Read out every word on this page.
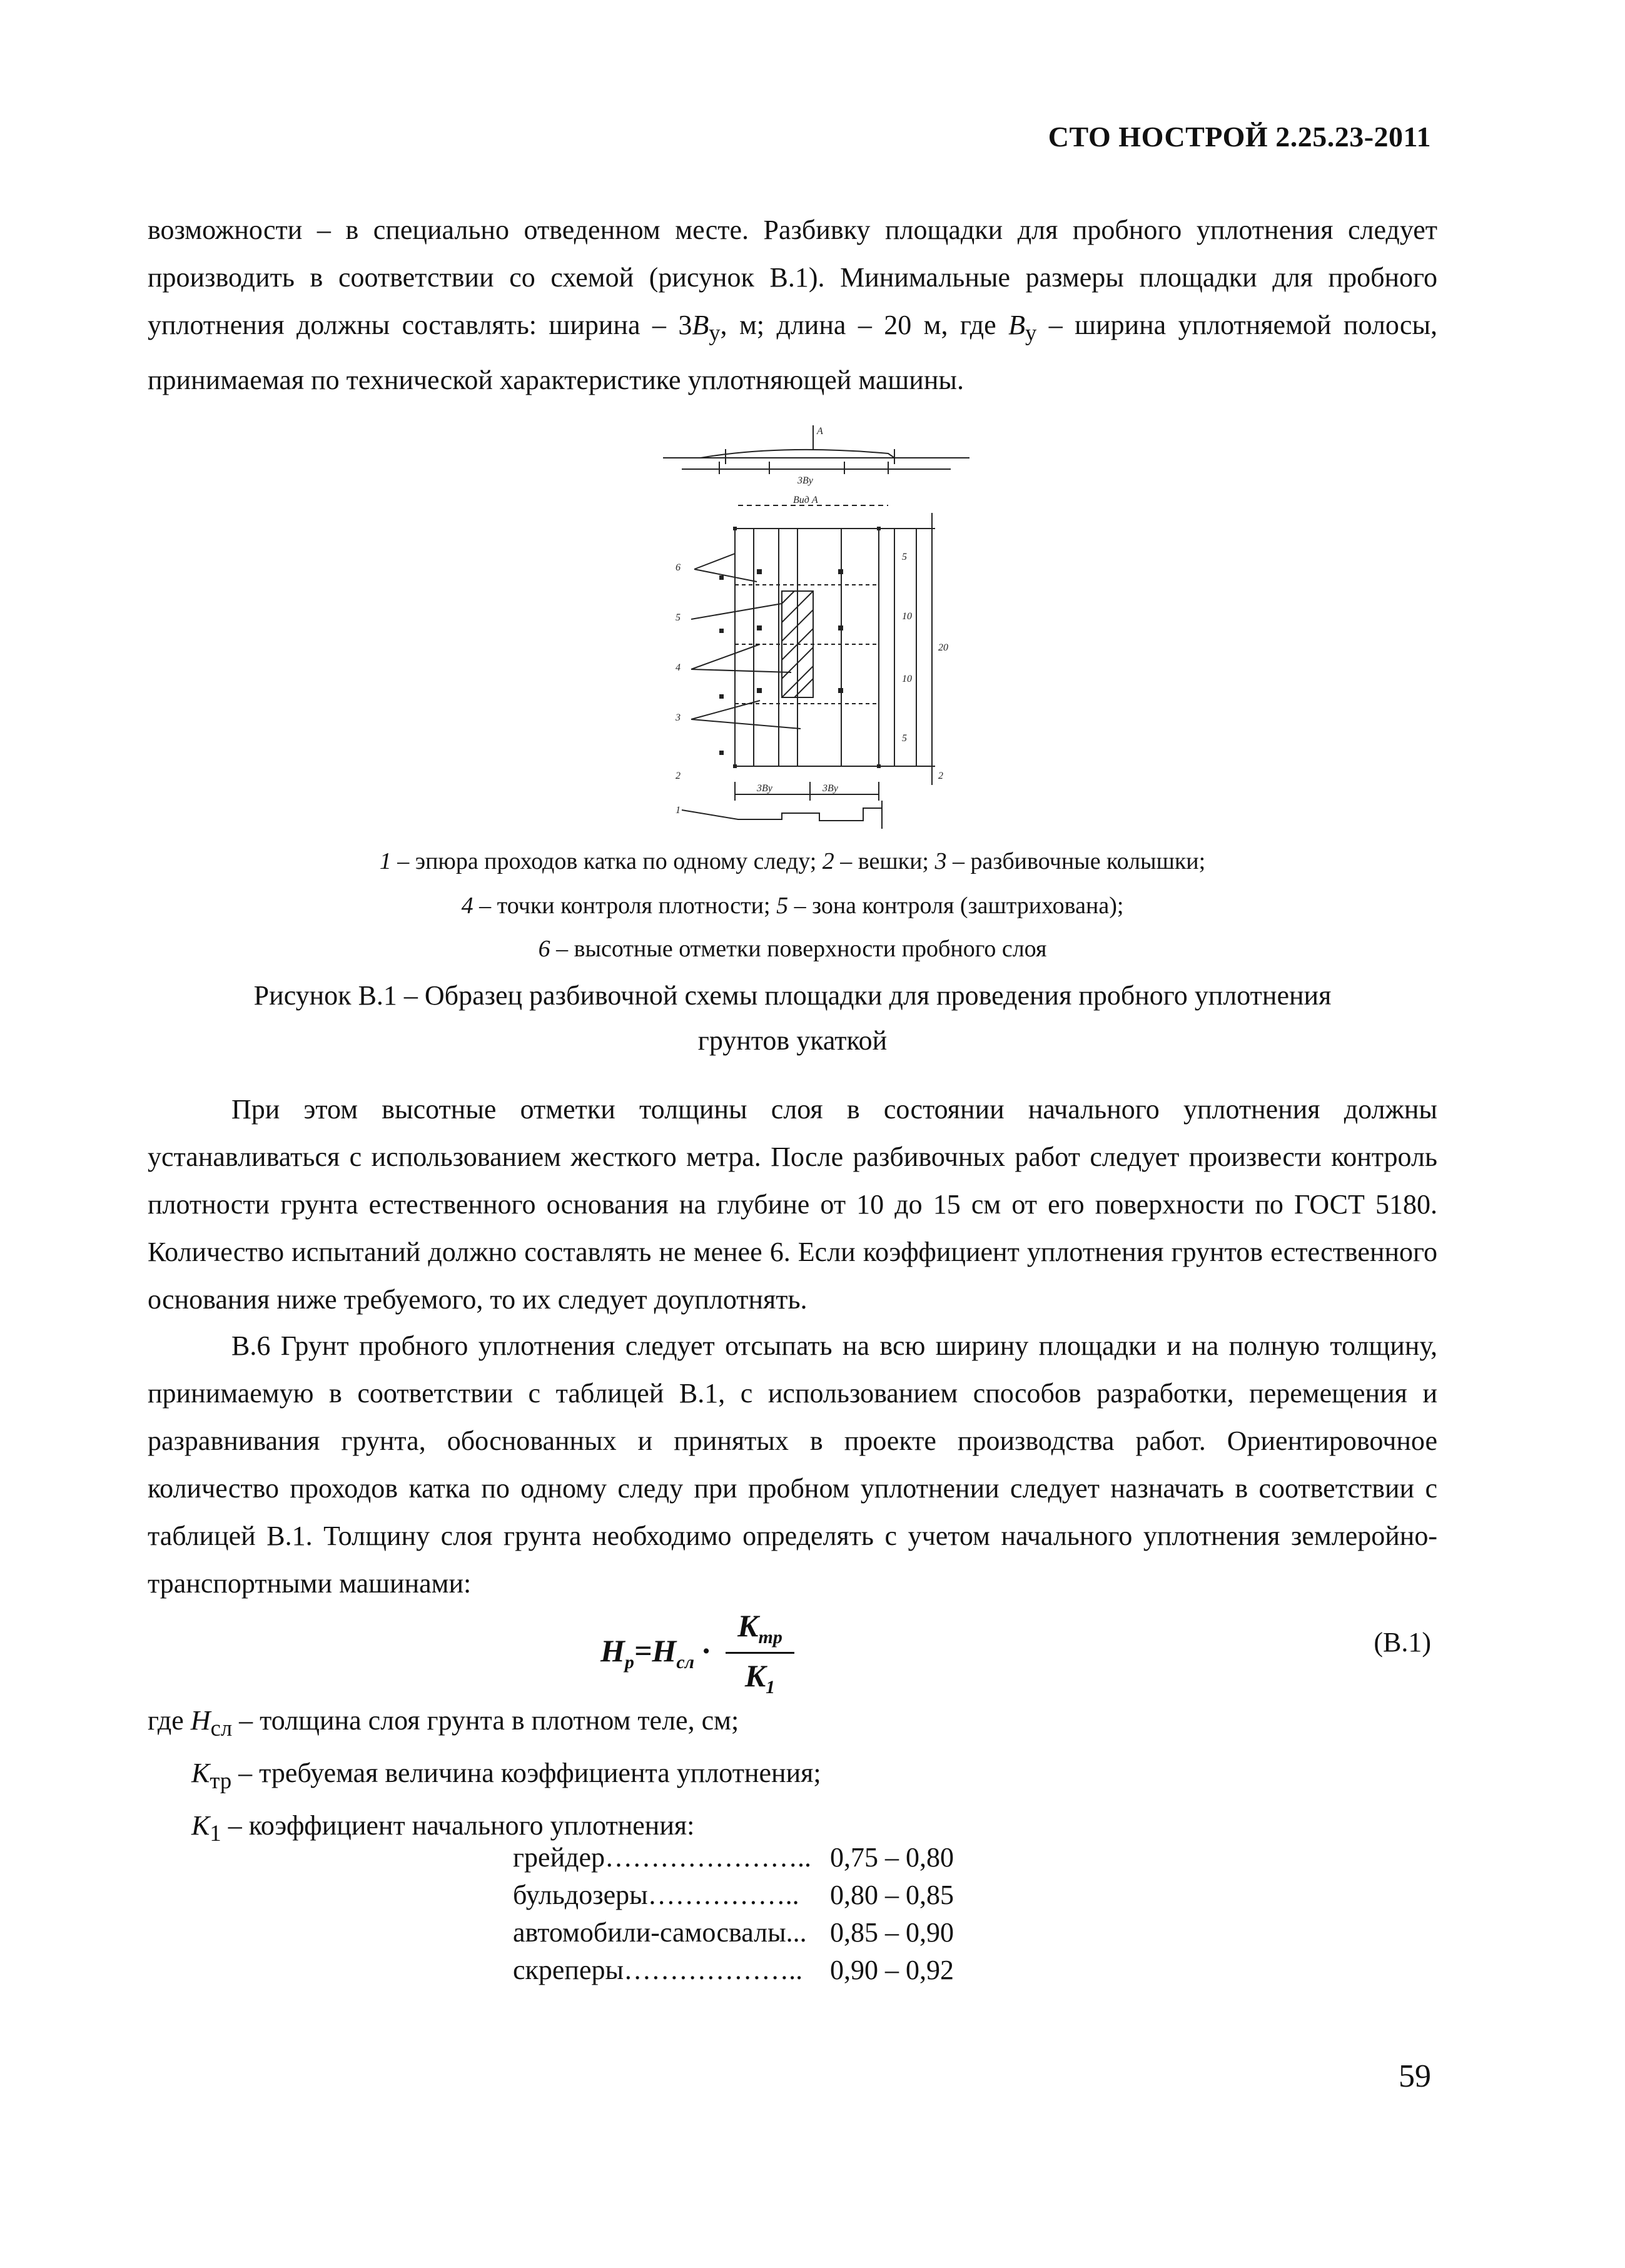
СТО НОСТРОЙ 2.25.23-2011

возможности – в специально отведенном месте. Разбивку площадки для пробного уплотнения следует производить в соответствии со схемой (рисунок В.1). Минимальные размеры площадки для пробного уплотнения должны составлять: ширина – $3B_у$, м; длина – 20 м, где $B_у$ – ширина уплотняемой полосы, принимаемая по технической характеристике уплотняющей машины.

А
3Bу
Вид А
6
5
4
3
2
1
3Bу	3Bу
5
10
20
10
5
2
1 – эпюра проходов катка по одному следу; 2 – вешки; 3 – разбивочные колышки;
4 – точки контроля плотности; 5 – зона контроля (заштрихована);
6 – высотные отметки поверхности пробного слоя
Рисунок В.1 – Образец разбивочной схемы площадки для проведения пробного уплотнения
грунтов укаткой

При этом высотные отметки толщины слоя в состоянии начального уплотнения должны устанавливаться с использованием жесткого метра. После разбивочных работ следует произвести контроль плотности грунта естественного основания на глубине от 10 до 15 см от его поверхности по ГОСТ 5180. Количество испытаний должно составлять не менее 6. Если коэффициент уплотнения грунтов естественного основания ниже требуемого, то их следует доуплотнять.

В.6 Грунт пробного уплотнения следует отсыпать на всю ширину площадки и на полную толщину, принимаемую в соответствии с таблицей В.1, с использованием способов разработки, перемещения и разравнивания грунта, обоснованных и принятых в проекте производства работ. Ориентировочное количество проходов катка по одному следу при пробном уплотнении следует назначать в соответствии с таблицей В.1. Толщину слоя грунта необходимо определять с учетом начального уплотнения землеройно-транспортными машинами:

$H_р=H_{сл}$ ·
$K_{тр}$
$K_1$
(В.1)
где $H_{сл}$ – толщина слоя грунта в плотном теле, см;
$K_{тр}$ – требуемая величина коэффициента уплотнения;
$K_1$ – коэффициент начального уплотнения:
грейдер…………………..	0,75 – 0,80
бульдозеры……………..	0,80 – 0,85
автомобили-самосвалы...	0,85 – 0,90
скреперы………………..	0,90 – 0,92
59
